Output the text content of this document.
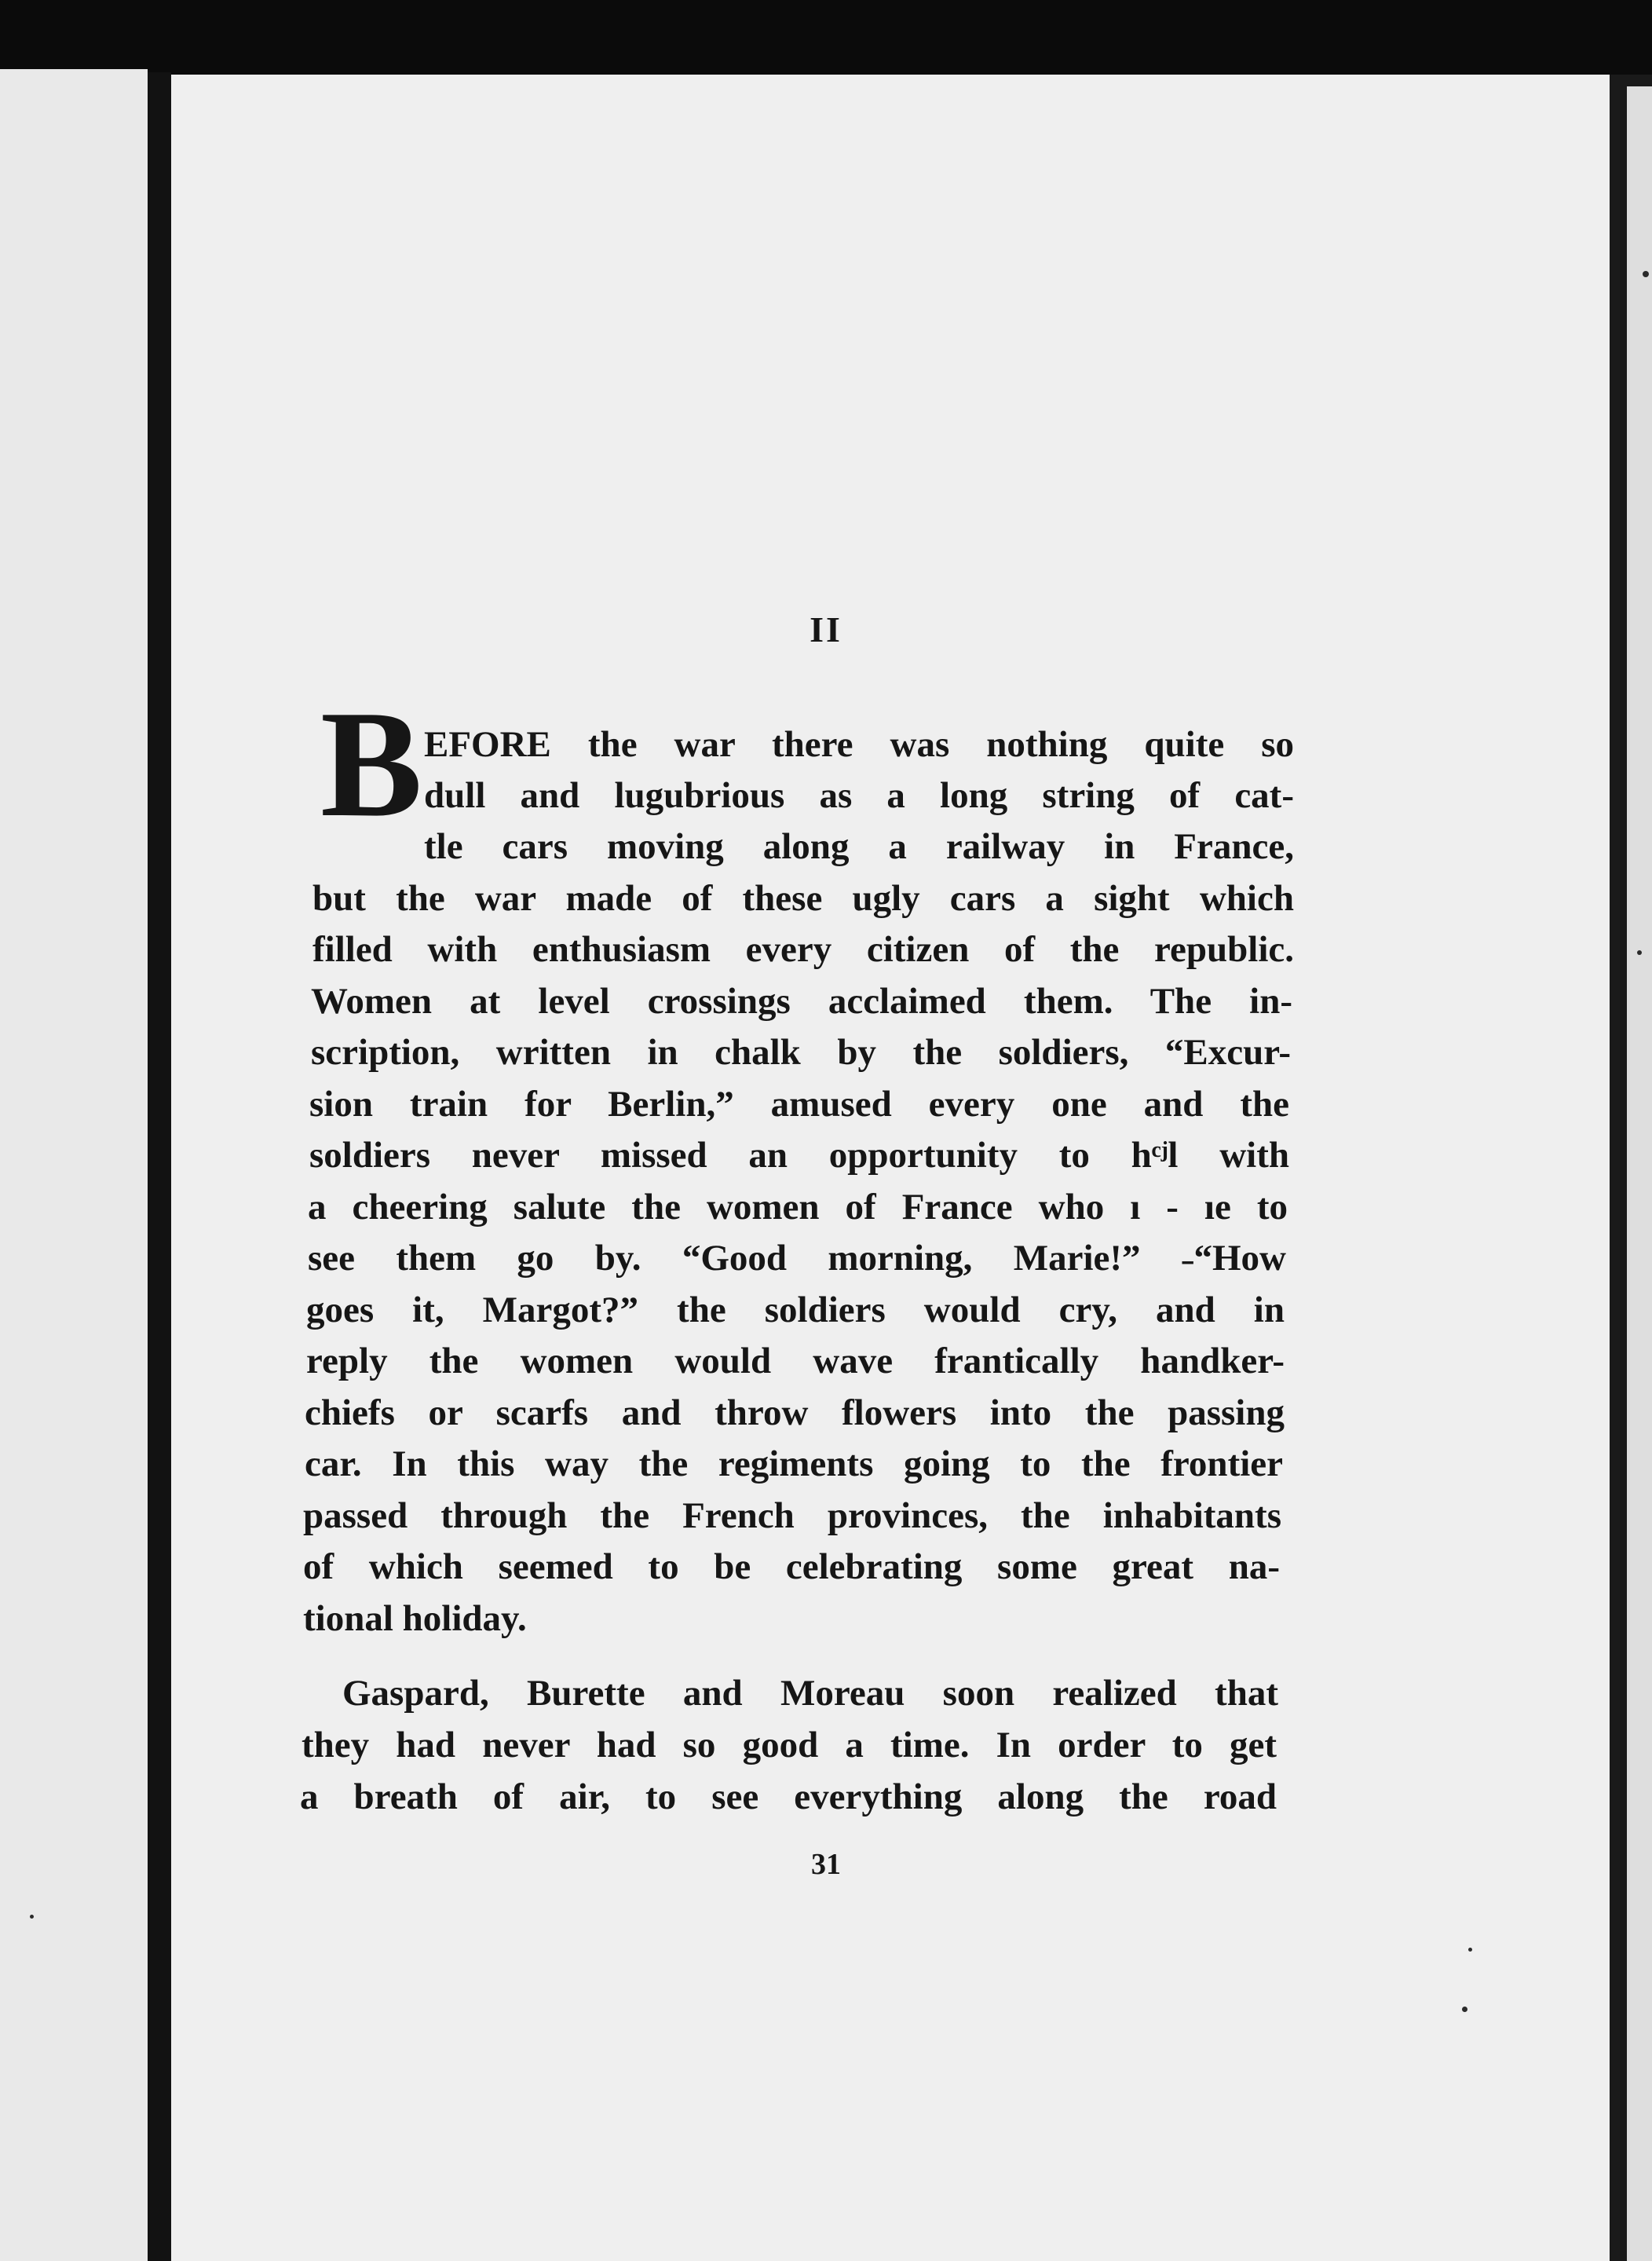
II
B EFORE the war there was nothing quite so
dull and lugubrious as a long string of cat-
tle cars moving along a railway in France,
but the war made of these ugly cars a sight which
filled with enthusiasm every citizen of the republic.
Women at level crossings acclaimed them. The in-
scription, written in chalk by the soldiers, “Excur-
sion train for Berlin,” amused every one and the
soldiers never missed an opportunity to hᶜʲl with
a cheering salute the women of France who ı ‐ ıe to
see them go by. “Good morning, Marie!” ˗“How
goes it, Margot?” the soldiers would cry, and in
reply the women would wave frantically handker-
chiefs or scarfs and throw flowers into the passing
car. In this way the regiments going to the frontier
passed through the French provinces, the inhabitants
of which seemed to be celebrating some great na-
tional holiday.
Gaspard, Burette and Moreau soon realized that
they had never had so good a time. In order to get
a breath of air, to see everything along the road
31
